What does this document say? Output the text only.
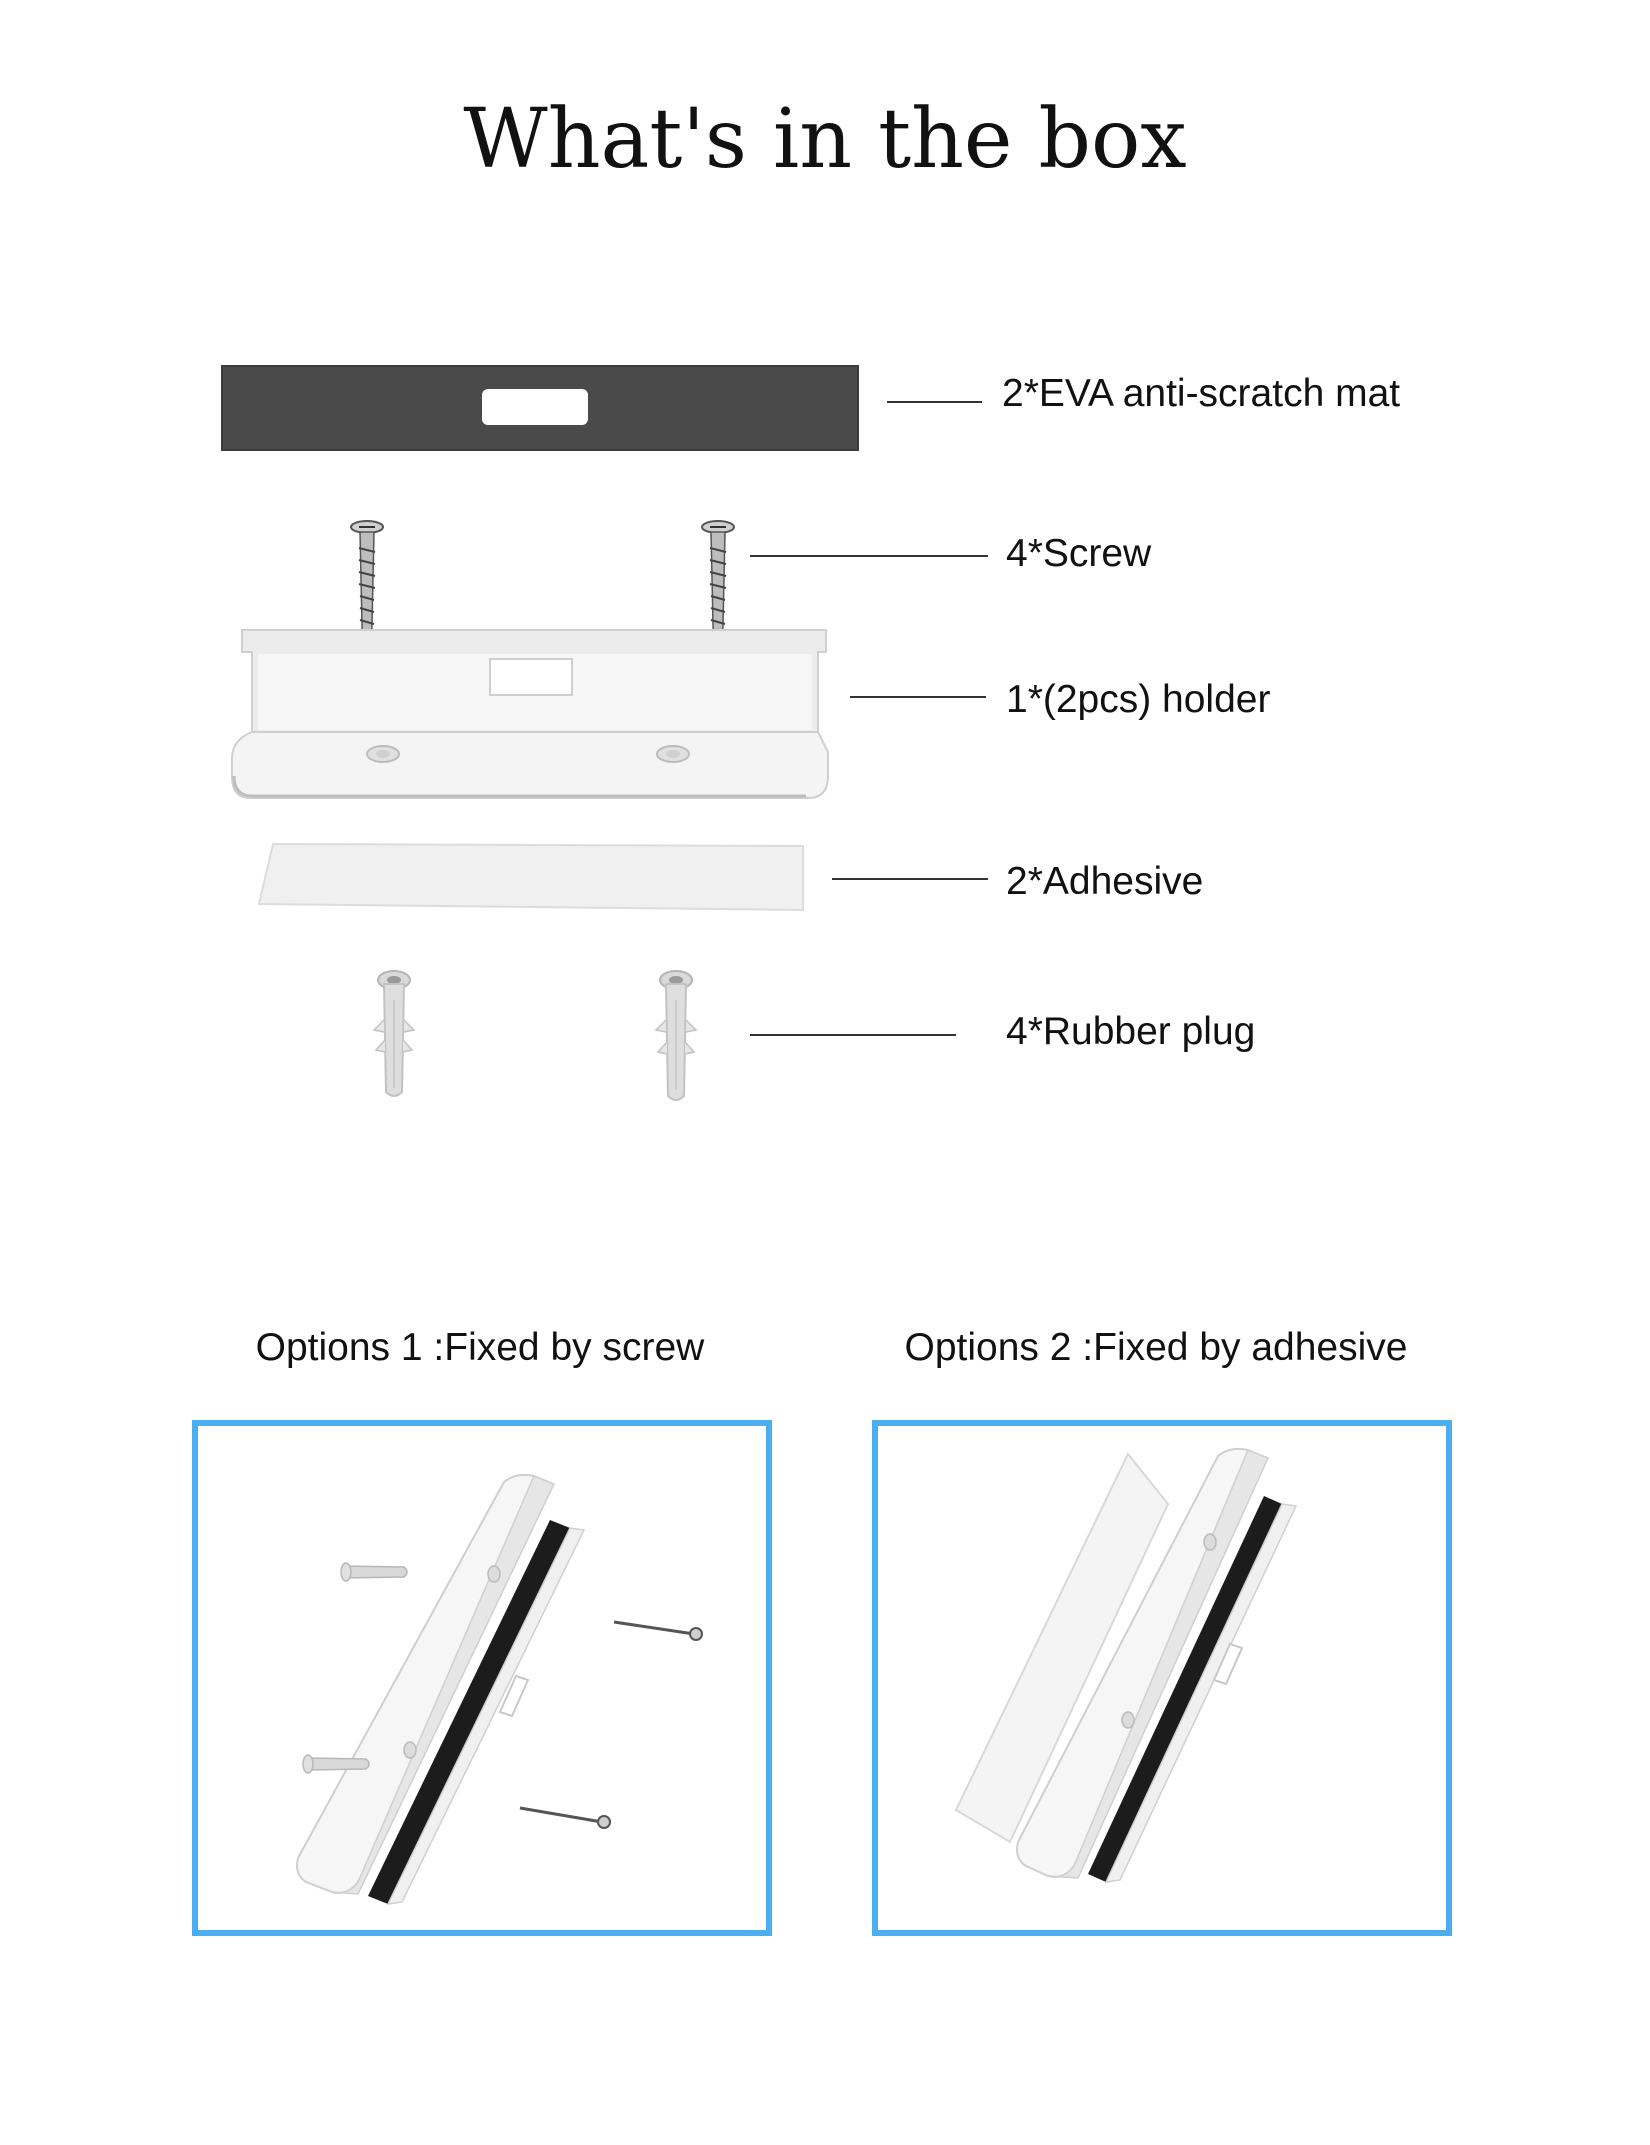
What's in the box
2*EVA anti-scratch mat
4*Screw
1*(2pcs) holder
2*Adhesive
4*Rubber plug
Options 1 :Fixed by screw	Options 2 :Fixed by adhesive
